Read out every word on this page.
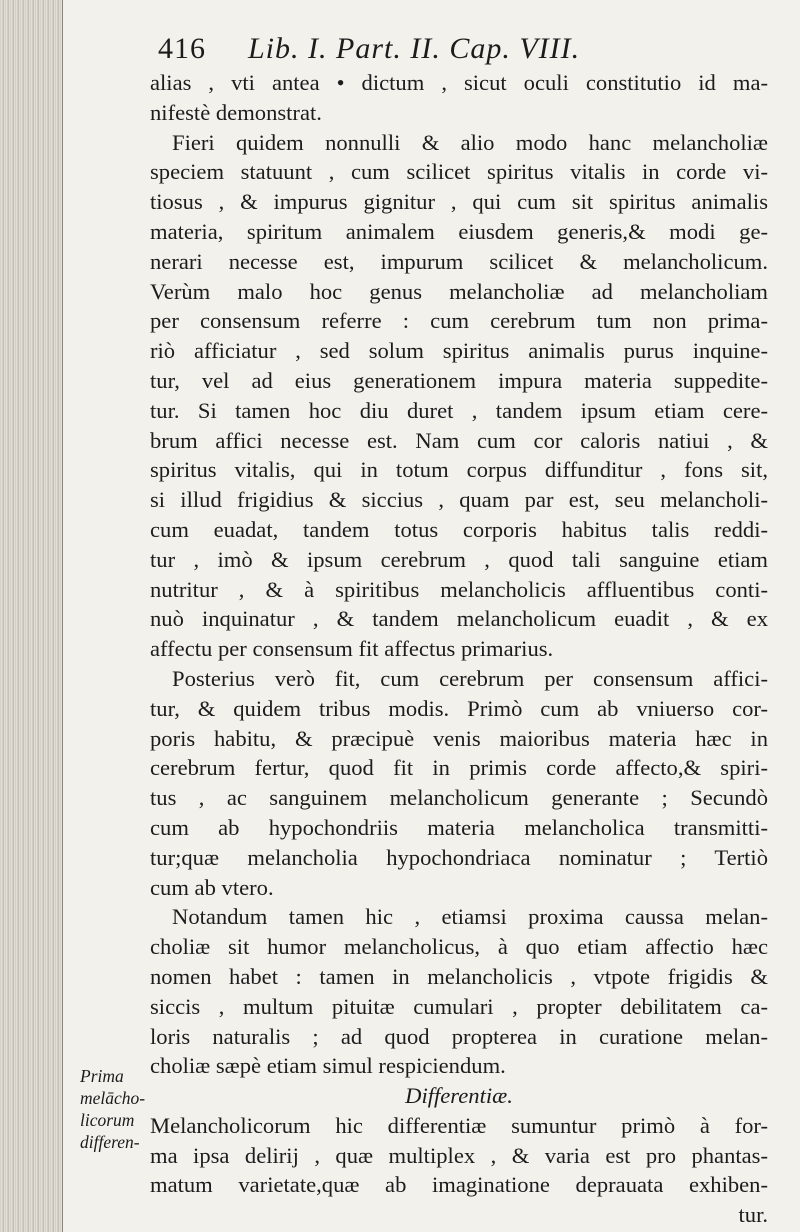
416 Lib. I. Part. II. Cap. VIII.
Prima
melācho-
licorum
differen-
alias , vti antea • dictum , sicut oculi constitutio id ma-
nifestè demonstrat.
Fieri quidem nonnulli & alio modo hanc melancholiæ
speciem statuunt , cum scilicet spiritus vitalis in corde vi-
tiosus , & impurus gignitur , qui cum sit spiritus animalis
materia, spiritum animalem eiusdem generis,& modi ge-
nerari necesse est, impurum scilicet & melancholicum.
Verùm malo hoc genus melancholiæ ad melancholiam
per consensum referre : cum cerebrum tum non prima-
riò afficiatur , sed solum spiritus animalis purus inquine-
tur, vel ad eius generationem impura materia suppedite-
tur. Si tamen hoc diu duret , tandem ipsum etiam cere-
brum affici necesse est. Nam cum cor caloris natiui , &
spiritus vitalis, qui in totum corpus diffunditur , fons sit,
si illud frigidius & siccius , quam par est, seu melancholi-
cum euadat, tandem totus corporis habitus talis reddi-
tur , imò & ipsum cerebrum , quod tali sanguine etiam
nutritur , & à spiritibus melancholicis affluentibus conti-
nuò inquinatur , & tandem melancholicum euadit , & ex
affectu per consensum fit affectus primarius.
Posterius verò fit, cum cerebrum per consensum affici-
tur, & quidem tribus modis. Primò cum ab vniuerso cor-
poris habitu, & præcipuè venis maioribus materia hæc in
cerebrum fertur, quod fit in primis corde affecto,& spiri-
tus , ac sanguinem melancholicum generante ; Secundò
cum ab hypochondriis materia melancholica transmitti-
tur;quæ melancholia hypochondriaca nominatur ; Tertiò
cum ab vtero.
Notandum tamen hic , etiamsi proxima caussa melan-
choliæ sit humor melancholicus, à quo etiam affectio hæc
nomen habet : tamen in melancholicis , vtpote frigidis &
siccis , multum pituitæ cumulari , propter debilitatem ca-
loris naturalis ; ad quod propterea in curatione melan-
choliæ sæpè etiam simul respiciendum.
Differentiæ.
Melancholicorum hic differentiæ sumuntur primò à for-
ma ipsa delirij , quæ multiplex , & varia est pro phantas-
matum varietate,quæ ab imaginatione deprauata exhiben-
tur.
